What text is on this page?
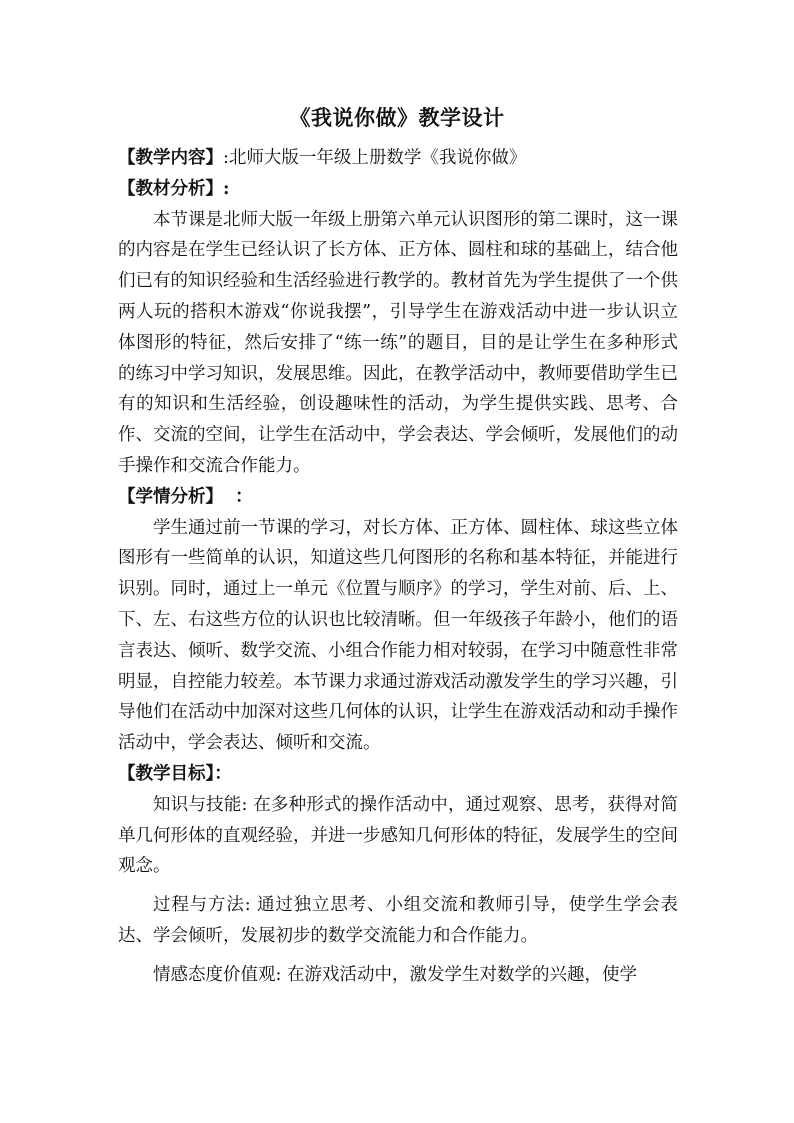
《我说你做》教学设计
【教学内容】:北师大版一年级上册数学《我说你做》
【教材分析】:

本节课是北师大版一年级上册第六单元认识图形的第二课时，这一课的内容是在学生已经认识了长方体、正方体、圆柱和球的基础上，结合他们已有的知识经验和生活经验进行教学的。教材首先为学生提供了一个供两人玩的搭积木游戏“你说我摆”，引导学生在游戏活动中进一步认识立体图形的特征，然后安排了“练一练”的题目，目的是让学生在多种形式的练习中学习知识，发展思维。因此，在教学活动中，教师要借助学生已有的知识和生活经验，创设趣味性的活动，为学生提供实践、思考、合作、交流的空间，让学生在活动中，学会表达、学会倾听，发展他们的动手操作和交流合作能力。

【学情分析】  ：

学生通过前一节课的学习，对长方体、正方体、圆柱体、球这些立体图形有一些简单的认识，知道这些几何图形的名称和基本特征，并能进行识别。同时，通过上一单元《位置与顺序》的学习，学生对前、后、上、下、左、右这些方位的认识也比较清晰。但一年级孩子年龄小，他们的语言表达、倾听、数学交流、小组合作能力相对较弱，在学习中随意性非常明显，自控能力较差。本节课力求通过游戏活动激发学生的学习兴趣，引导他们在活动中加深对这些几何体的认识，让学生在游戏活动和动手操作活动中，学会表达、倾听和交流。

【教学目标】：

知识与技能: 在多种形式的操作活动中，通过观察、思考，获得对简单几何形体的直观经验，并进一步感知几何形体的特征，发展学生的空间观念。

过程与方法: 通过独立思考、小组交流和教师引导，使学生学会表达、学会倾听，发展初步的数学交流能力和合作能力。

情感态度价值观: 在游戏活动中，激发学生对数学的兴趣，使学
